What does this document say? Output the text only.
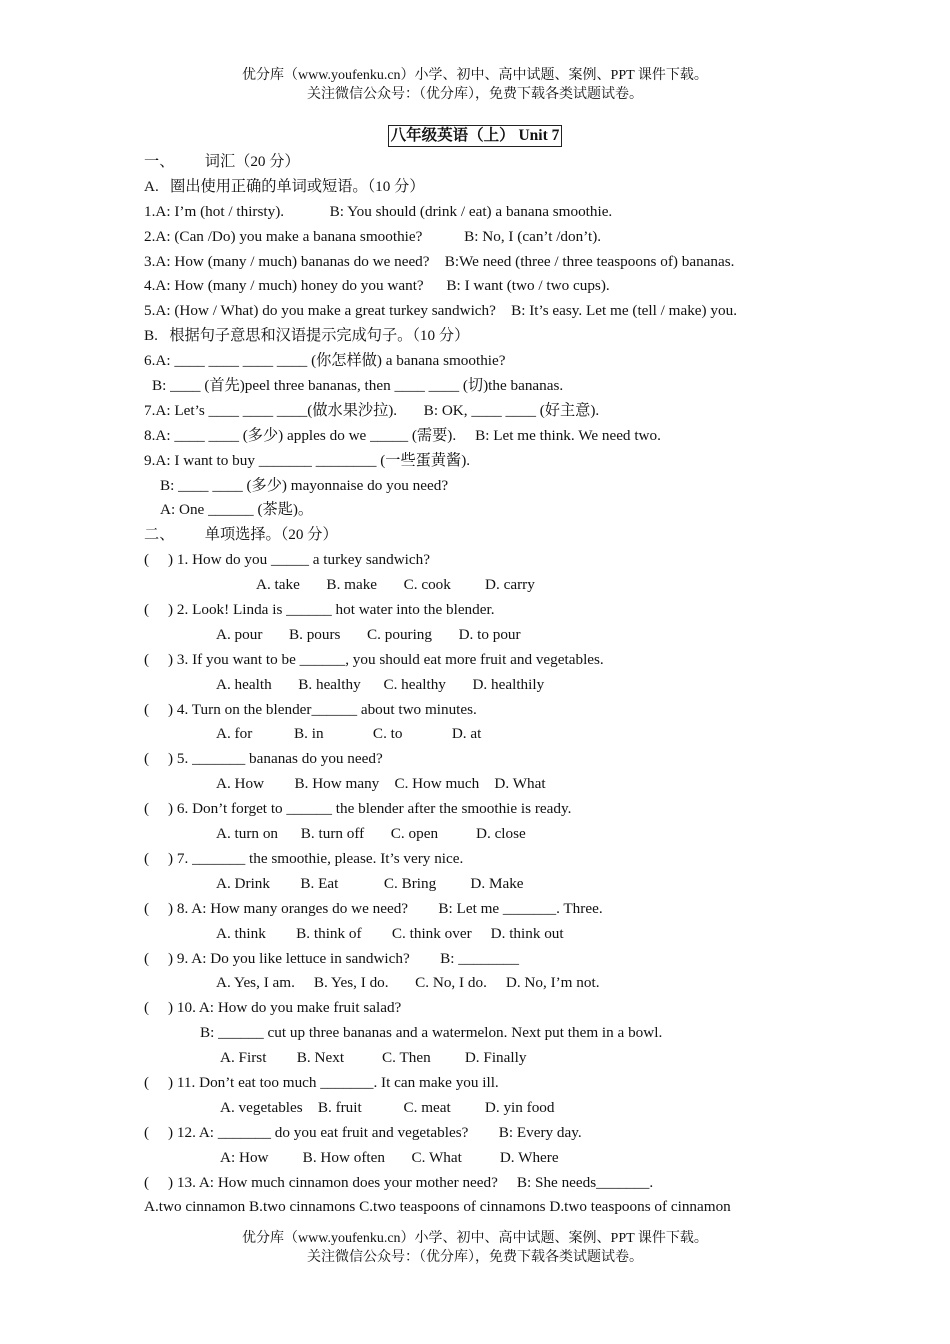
优分库（www.youfenku.cn）小学、初中、高中试题、案例、PPT 课件下载。
关注微信公众号：（优分库），免费下载各类试题试卷。
八年级英语（上） Unit 7
一、        词汇（20 分）
A.   圈出使用正确的单词或短语。（10 分）
1.A: I’m (hot / thirsty).            B: You should (drink / eat) a banana smoothie.
2.A: (Can /Do) you make a banana smoothie?           B: No, I (can’t /don’t).
3.A: How (many / much) bananas do we need?    B:We need (three / three teaspoons of) bananas.
4.A: How (many / much) honey do you want?      B: I want (two / two cups).
5.A: (How / What) do you make a great turkey sandwich?    B: It’s easy. Let me (tell / make) you.
B.   根据句子意思和汉语提示完成句子。（10 分）
6.A: ____ ____ ____ ____ (你怎样做) a banana smoothie?
B: ____ (首先)peel three bananas, then ____ ____ (切)the bananas.
7.A: Let’s ____ ____ ____(做水果沙拉).       B: OK, ____ ____ (好主意).
8.A: ____ ____ (多少) apples do we _____ (需要).     B: Let me think. We need two.
9.A: I want to buy _______ ________ (一些蛋黄酱).
B: ____ ____ (多少) mayonnaise do you need?
A: One ______ (茶匙)。
二、        单项选择。（20 分）
(     ) 1. How do you _____ a turkey sandwich?
A. take       B. make       C. cook         D. carry
(     ) 2. Look! Linda is ______ hot water into the blender.
A. pour       B. pours       C. pouring       D. to pour
(     ) 3. If you want to be ______, you should eat more fruit and vegetables.
A. health       B. healthy      C. healthy       D. healthily
(     ) 4. Turn on the blender______ about two minutes.
A. for           B. in             C. to             D. at
(     ) 5. _______ bananas do you need?
A. How        B. How many    C. How much    D. What
(     ) 6. Don’t forget to ______ the blender after the smoothie is ready.
A. turn on      B. turn off       C. open          D. close
(     ) 7. _______ the smoothie, please. It’s very nice.
A. Drink        B. Eat            C. Bring         D. Make
(     ) 8. A: How many oranges do we need?        B: Let me _______. Three.
A. think        B. think of        C. think over     D. think out
(     ) 9. A: Do you like lettuce in sandwich?        B: ________
A. Yes, I am.     B. Yes, I do.       C. No, I do.     D. No, I’m not.
(     ) 10. A: How do you make fruit salad?
B: ______ cut up three bananas and a watermelon. Next put them in a bowl.
A. First        B. Next          C. Then         D. Finally
(     ) 11. Don’t eat too much _______. It can make you ill.
A. vegetables    B. fruit           C. meat         D. yin food
(     ) 12. A: _______ do you eat fruit and vegetables?        B: Every day.
A: How         B. How often       C. What          D. Where
(     ) 13. A: How much cinnamon does your mother need?     B: She needs_______.
A.two cinnamon B.two cinnamons C.two teaspoons of cinnamons D.two teaspoons of cinnamon
优分库（www.youfenku.cn）小学、初中、高中试题、案例、PPT 课件下载。
关注微信公众号：（优分库），免费下载各类试题试卷。
